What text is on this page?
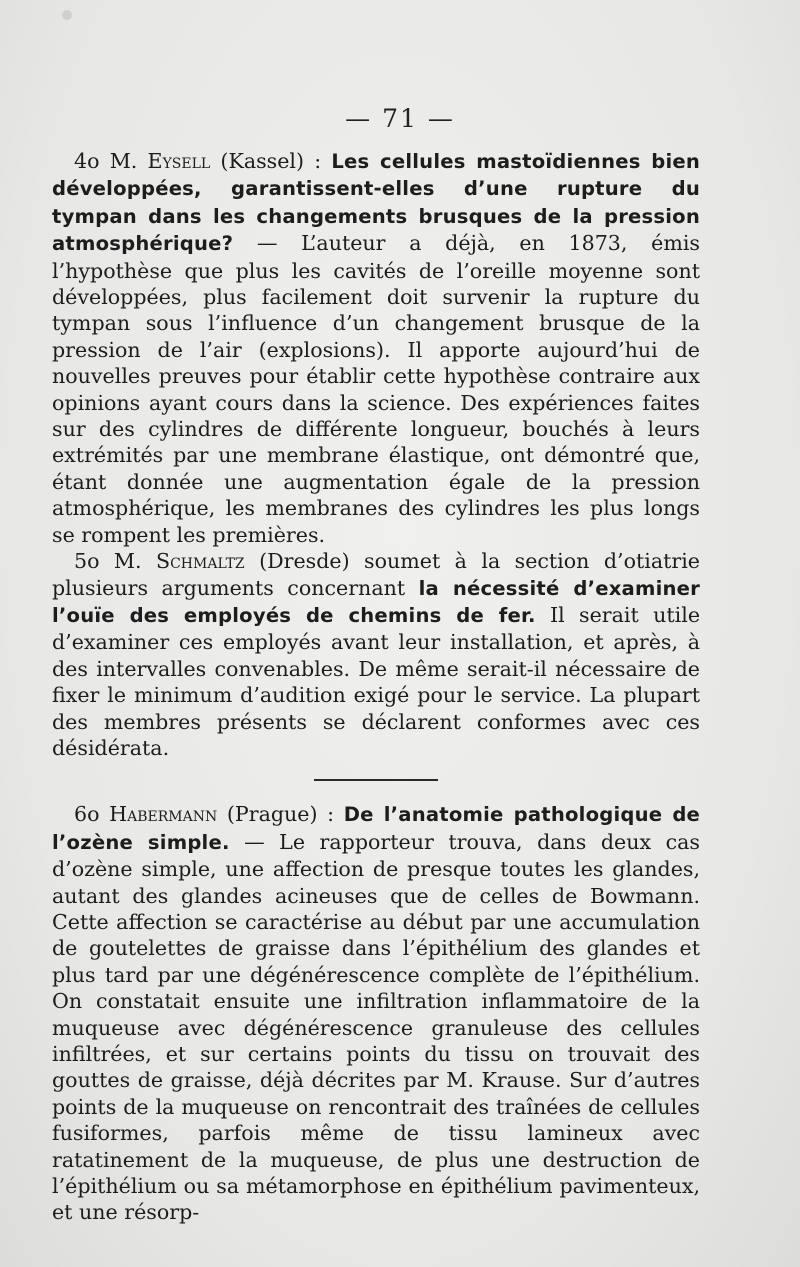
— 71 —

4o M. Eysell (Kassel) : Les cellules mastoïdiennes bien développées, garantissent-elles d’une rupture du tympan dans les changements brusques de la pression atmosphérique? — L’auteur a déjà, en 1873, émis l’hypothèse que plus les cavités de l’oreille moyenne sont développées, plus facilement doit survenir la rupture du tympan sous l’influence d’un changement brusque de la pression de l’air (explosions). Il apporte aujourd’hui de nouvelles preuves pour établir cette hypothèse contraire aux opinions ayant cours dans la science. Des expériences faites sur des cylindres de différente longueur, bouchés à leurs extrémités par une membrane élastique, ont démontré que, étant donnée une augmentation égale de la pression atmosphérique, les membranes des cylindres les plus longs se rompent les premières.

5o M. Schmaltz (Dresde) soumet à la section d’otiatrie plusieurs arguments concernant la nécessité d’examiner l’ouïe des employés de chemins de fer. Il serait utile d’examiner ces employés avant leur installation, et après, à des intervalles convenables. De même serait-il nécessaire de fixer le minimum d’audition exigé pour le service. La plupart des membres présents se déclarent conformes avec ces désidérata.

6o Habermann (Prague) : De l’anatomie pathologique de l’ozène simple. — Le rapporteur trouva, dans deux cas d’ozène simple, une affection de presque toutes les glandes, autant des glandes acineuses que de celles de Bowmann. Cette affection se caractérise au début par une accumulation de goutelettes de graisse dans l’épithélium des glandes et plus tard par une dégénérescence complète de l’épithélium. On constatait ensuite une infiltration inflammatoire de la muqueuse avec dégénérescence granuleuse des cellules infiltrées, et sur certains points du tissu on trouvait des gouttes de graisse, déjà décrites par M. Krause. Sur d’autres points de la muqueuse on rencontrait des traînées de cellules fusiformes, parfois même de tissu lamineux avec ratatinement de la muqueuse, de plus une destruction de l’épithélium ou sa métamorphose en épithélium pavimenteux, et une résorp-
